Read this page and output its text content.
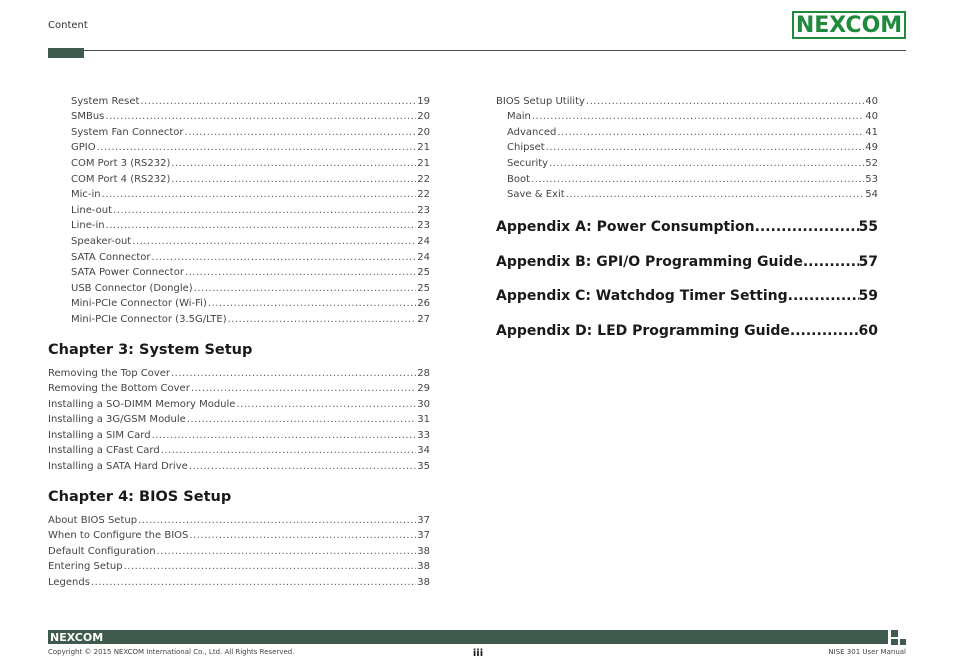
Content	NEXCOM
System Reset .....	19
SMBus .....	20
System Fan Connector .....	20
GPIO .....	21
COM Port 3 (RS232) .....	21
COM Port 4 (RS232) .....	22
Mic-in .....	22
Line-out .....	23
Line-in .....	23
Speaker-out .....	24
SATA Connector .....	24
SATA Power Connector .....	25
USB Connector (Dongle) .....	25
Mini-PCIe Connector (Wi-Fi) .....	26
Mini-PCIe Connector (3.5G/LTE) .....	27
Chapter 3: System Setup
Removing the Top Cover .....	28
Removing the Bottom Cover .....	29
Installing a SO-DIMM Memory Module .....	30
Installing a 3G/GSM Module .....	31
Installing a SIM Card .....	33
Installing a CFast Card .....	34
Installing a SATA Hard Drive .....	35
Chapter 4: BIOS Setup
About BIOS Setup .....	37
When to Configure the BIOS .....	37
Default Configuration .....	38
Entering Setup .....	38
Legends .....	38
BIOS Setup Utility .....	40
Main .....	40
Advanced .....	41
Chipset .....	49
Security .....	52
Boot .....	53
Save & Exit .....	54
Appendix A: Power Consumption .....	55
Appendix B: GPI/O Programming Guide .....	57
Appendix C: Watchdog Timer Setting .....	59
Appendix D: LED Programming Guide .....	60
NEXCOM
Copyright © 2015 NEXCOM International Co., Ltd. All Rights Reserved.	iii	NISE 301 User Manual
